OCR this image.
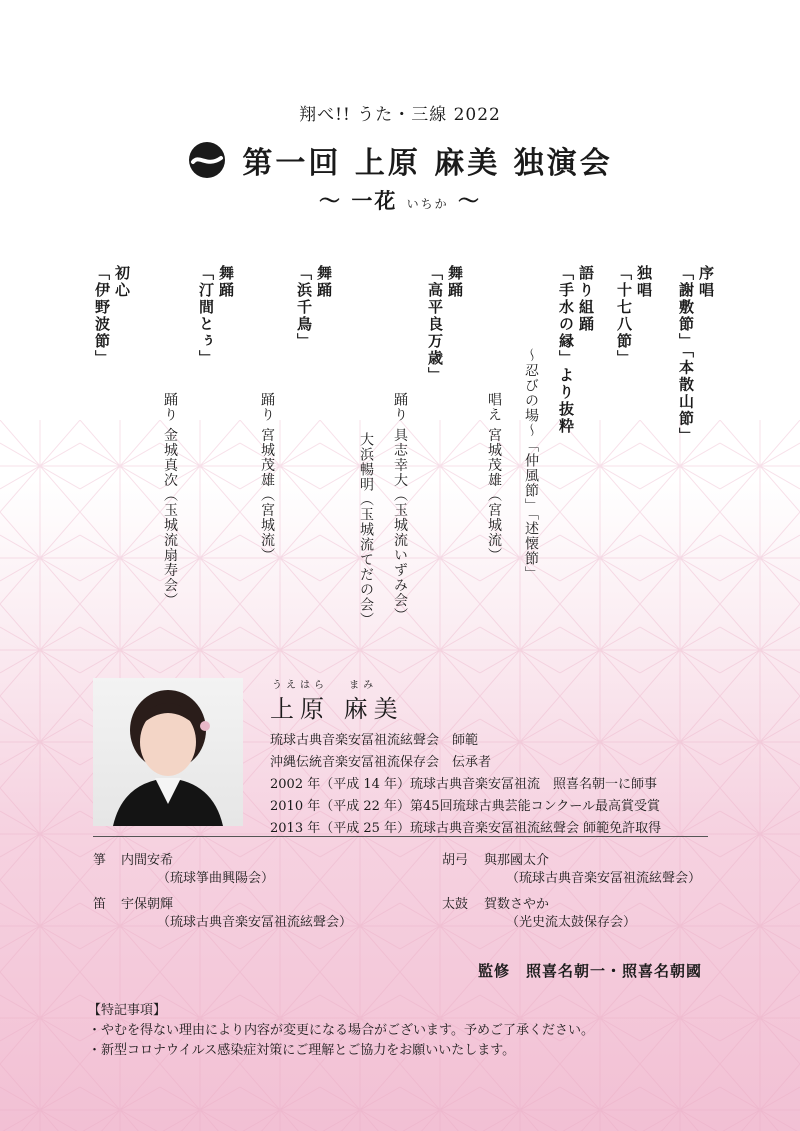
翔べ!! うた・三線 2022
第一回 上原 麻美 独演会
〜 一花 いちか 〜
序唱
「謝敷節」「本散山節」
独唱
「十七八節」
語り組踊
「手水の縁」より抜粋
〜忍びの場〜「仲風節」「述懐節」
唱え 宮城茂雄（宮城流）
舞踊
「高平良万歳」
踊り 具志幸大（玉城流いずみ会）
大浜暢明（玉城流てだの会）
舞踊
「浜千鳥」
踊り 宮城茂雄（宮城流）
舞踊
「汀間とぅ」
踊り 金城真次（玉城流扇寿会）
初心
「伊野波節」
うえはら　 まみ
上原 麻美
琉球古典音楽安冨祖流絃聲会　師範
沖縄伝統音楽安冨祖流保存会　伝承者
2002 年（平成 14 年）琉球古典音楽安冨祖流　照喜名朝一に師事
2010 年（平成 22 年）第45回琉球古典芸能コンクール最高賞受賞
2013 年（平成 25 年）琉球古典音楽安冨祖流絃聲会 師範免許取得
箏	内間安希
（琉球箏曲興陽会）
笛	宇保朝輝
（琉球古典音楽安冨祖流絃聲会）
胡弓	與那國太介
（琉球古典音楽安冨祖流絃聲会）
太鼓	賀数さやか
（光史流太鼓保存会）
監修　照喜名朝一・照喜名朝國
【特記事項】
・やむを得ない理由により内容が変更になる場合がございます。予めご了承ください。
・新型コロナウイルス感染症対策にご理解とご協力をお願いいたします。
